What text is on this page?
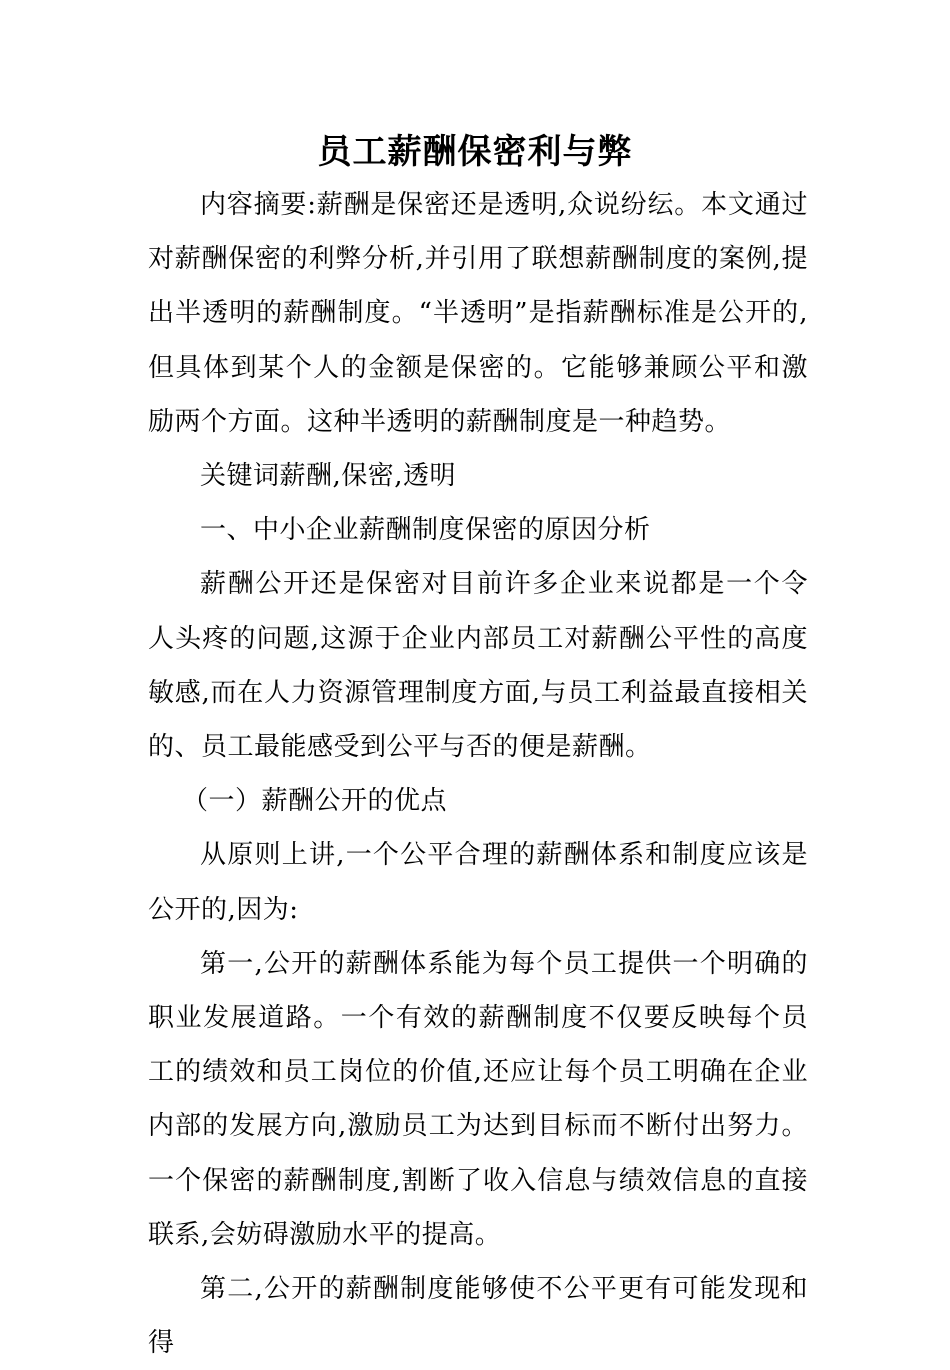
员工薪酬保密利与弊

内容摘要:薪酬是保密还是透明,众说纷纭。本文通过对薪酬保密的利弊分析,并引用了联想薪酬制度的案例,提出半透明的薪酬制度。“半透明”是指薪酬标准是公开的,但具体到某个人的金额是保密的。它能够兼顾公平和激励两个方面。这种半透明的薪酬制度是一种趋势。

关键词薪酬,保密,透明

一、中小企业薪酬制度保密的原因分析

薪酬公开还是保密对目前许多企业来说都是一个令人头疼的问题,这源于企业内部员工对薪酬公平性的高度敏感,而在人力资源管理制度方面,与员工利益最直接相关的、员工最能感受到公平与否的便是薪酬。

（一）薪酬公开的优点

从原则上讲,一个公平合理的薪酬体系和制度应该是公开的,因为:

第一,公开的薪酬体系能为每个员工提供一个明确的职业发展道路。一个有效的薪酬制度不仅要反映每个员工的绩效和员工岗位的价值,还应让每个员工明确在企业内部的发展方向,激励员工为达到目标而不断付出努力。一个保密的薪酬制度,割断了收入信息与绩效信息的直接联系,会妨碍激励水平的提高。

第二,公开的薪酬制度能够使不公平更有可能发现和得
